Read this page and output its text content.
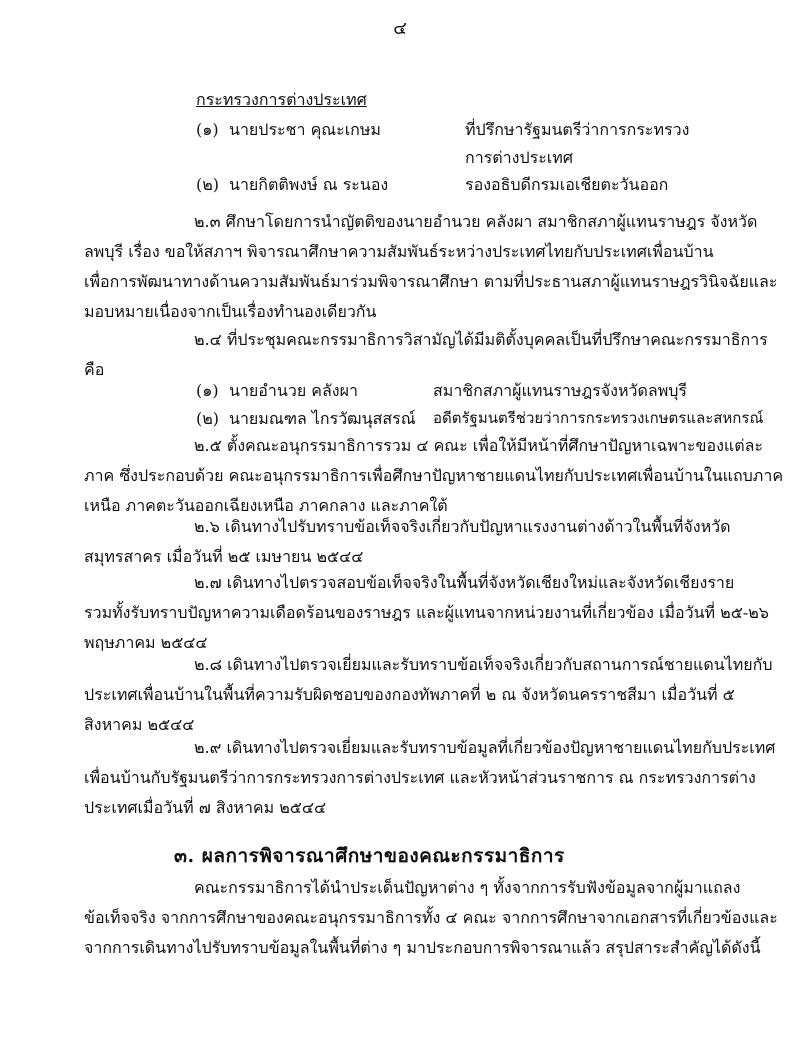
๔
กระทรวงการต่างประเทศ
(๑) นายประชา คุณะเกษม	ที่ปรึกษารัฐมนตรีว่าการกระทรวง
การต่างประเทศ
(๒) นายกิตติพงษ์ ณ ระนอง	รองอธิบดีกรมเอเชียตะวันออก
๒.๓ ศึกษาโดยการนำญัตติของนายอำนวย คลังผา สมาชิกสภาผู้แทนราษฎร จังหวัด
ลพบุรี เรื่อง ขอให้สภาฯ พิจารณาศึกษาความสัมพันธ์ระหว่างประเทศไทยกับประเทศเพื่อนบ้าน
เพื่อการพัฒนาทางด้านความสัมพันธ์มาร่วมพิจารณาศึกษา ตามที่ประธานสภาผู้แทนราษฎรวินิจฉัยและ
มอบหมายเนื่องจากเป็นเรื่องทำนองเดียวกัน
๒.๔ ที่ประชุมคณะกรรมาธิการวิสามัญได้มีมติตั้งบุคคลเป็นที่ปรึกษาคณะกรรมาธิการ
คือ
(๑) นายอำนวย คลังผา	สมาชิกสภาผู้แทนราษฎรจังหวัดลพบุรี
(๒) นายมณฑล ไกรวัฒนุสสรณ์ อดีตรัฐมนตรีช่วยว่าการกระทรวงเกษตรและสหกรณ์
๒.๕ ตั้งคณะอนุกรรมาธิการรวม ๔ คณะ เพื่อให้มีหน้าที่ศึกษาปัญหาเฉพาะของแต่ละ
ภาค ซึ่งประกอบด้วย คณะอนุกรรมาธิการเพื่อศึกษาปัญหาชายแดนไทยกับประเทศเพื่อนบ้านในแถบภาค
เหนือ ภาคตะวันออกเฉียงเหนือ ภาคกลาง และภาคใต้
๒.๖ เดินทางไปรับทราบข้อเท็จจริงเกี่ยวกับปัญหาแรงงานต่างด้าวในพื้นที่จังหวัด
สมุทรสาคร เมื่อวันที่ ๒๕ เมษายน ๒๕๔๔
๒.๗ เดินทางไปตรวจสอบข้อเท็จจริงในพื้นที่จังหวัดเชียงใหม่และจังหวัดเชียงราย
รวมทั้งรับทราบปัญหาความเดือดร้อนของราษฎร และผู้แทนจากหน่วยงานที่เกี่ยวข้อง เมื่อวันที่ ๒๕-๒๖
พฤษภาคม ๒๕๔๔
๒.๘ เดินทางไปตรวจเยี่ยมและรับทราบข้อเท็จจริงเกี่ยวกับสถานการณ์ชายแดนไทยกับ
ประเทศเพื่อนบ้านในพื้นที่ความรับผิดชอบของกองทัพภาคที่ ๒ ณ จังหวัดนครราชสีมา เมื่อวันที่ ๕
สิงหาคม ๒๕๔๔
๒.๙ เดินทางไปตรวจเยี่ยมและรับทราบข้อมูลที่เกี่ยวข้องปัญหาชายแดนไทยกับประเทศ
เพื่อนบ้านกับรัฐมนตรีว่าการกระทรวงการต่างประเทศ และหัวหน้าส่วนราชการ ณ กระทรวงการต่าง
ประเทศเมื่อวันที่ ๗ สิงหาคม ๒๕๔๔
๓. ผลการพิจารณาศึกษาของคณะกรรมาธิการ
คณะกรรมาธิการได้นำประเด็นปัญหาต่าง ๆ ทั้งจากการรับฟังข้อมูลจากผู้มาแถลง
ข้อเท็จจริง จากการศึกษาของคณะอนุกรรมาธิการทั้ง ๔ คณะ จากการศึกษาจากเอกสารที่เกี่ยวข้องและ
จากการเดินทางไปรับทราบข้อมูลในพื้นที่ต่าง ๆ มาประกอบการพิจารณาแล้ว สรุปสาระสำคัญได้ดังนี้
